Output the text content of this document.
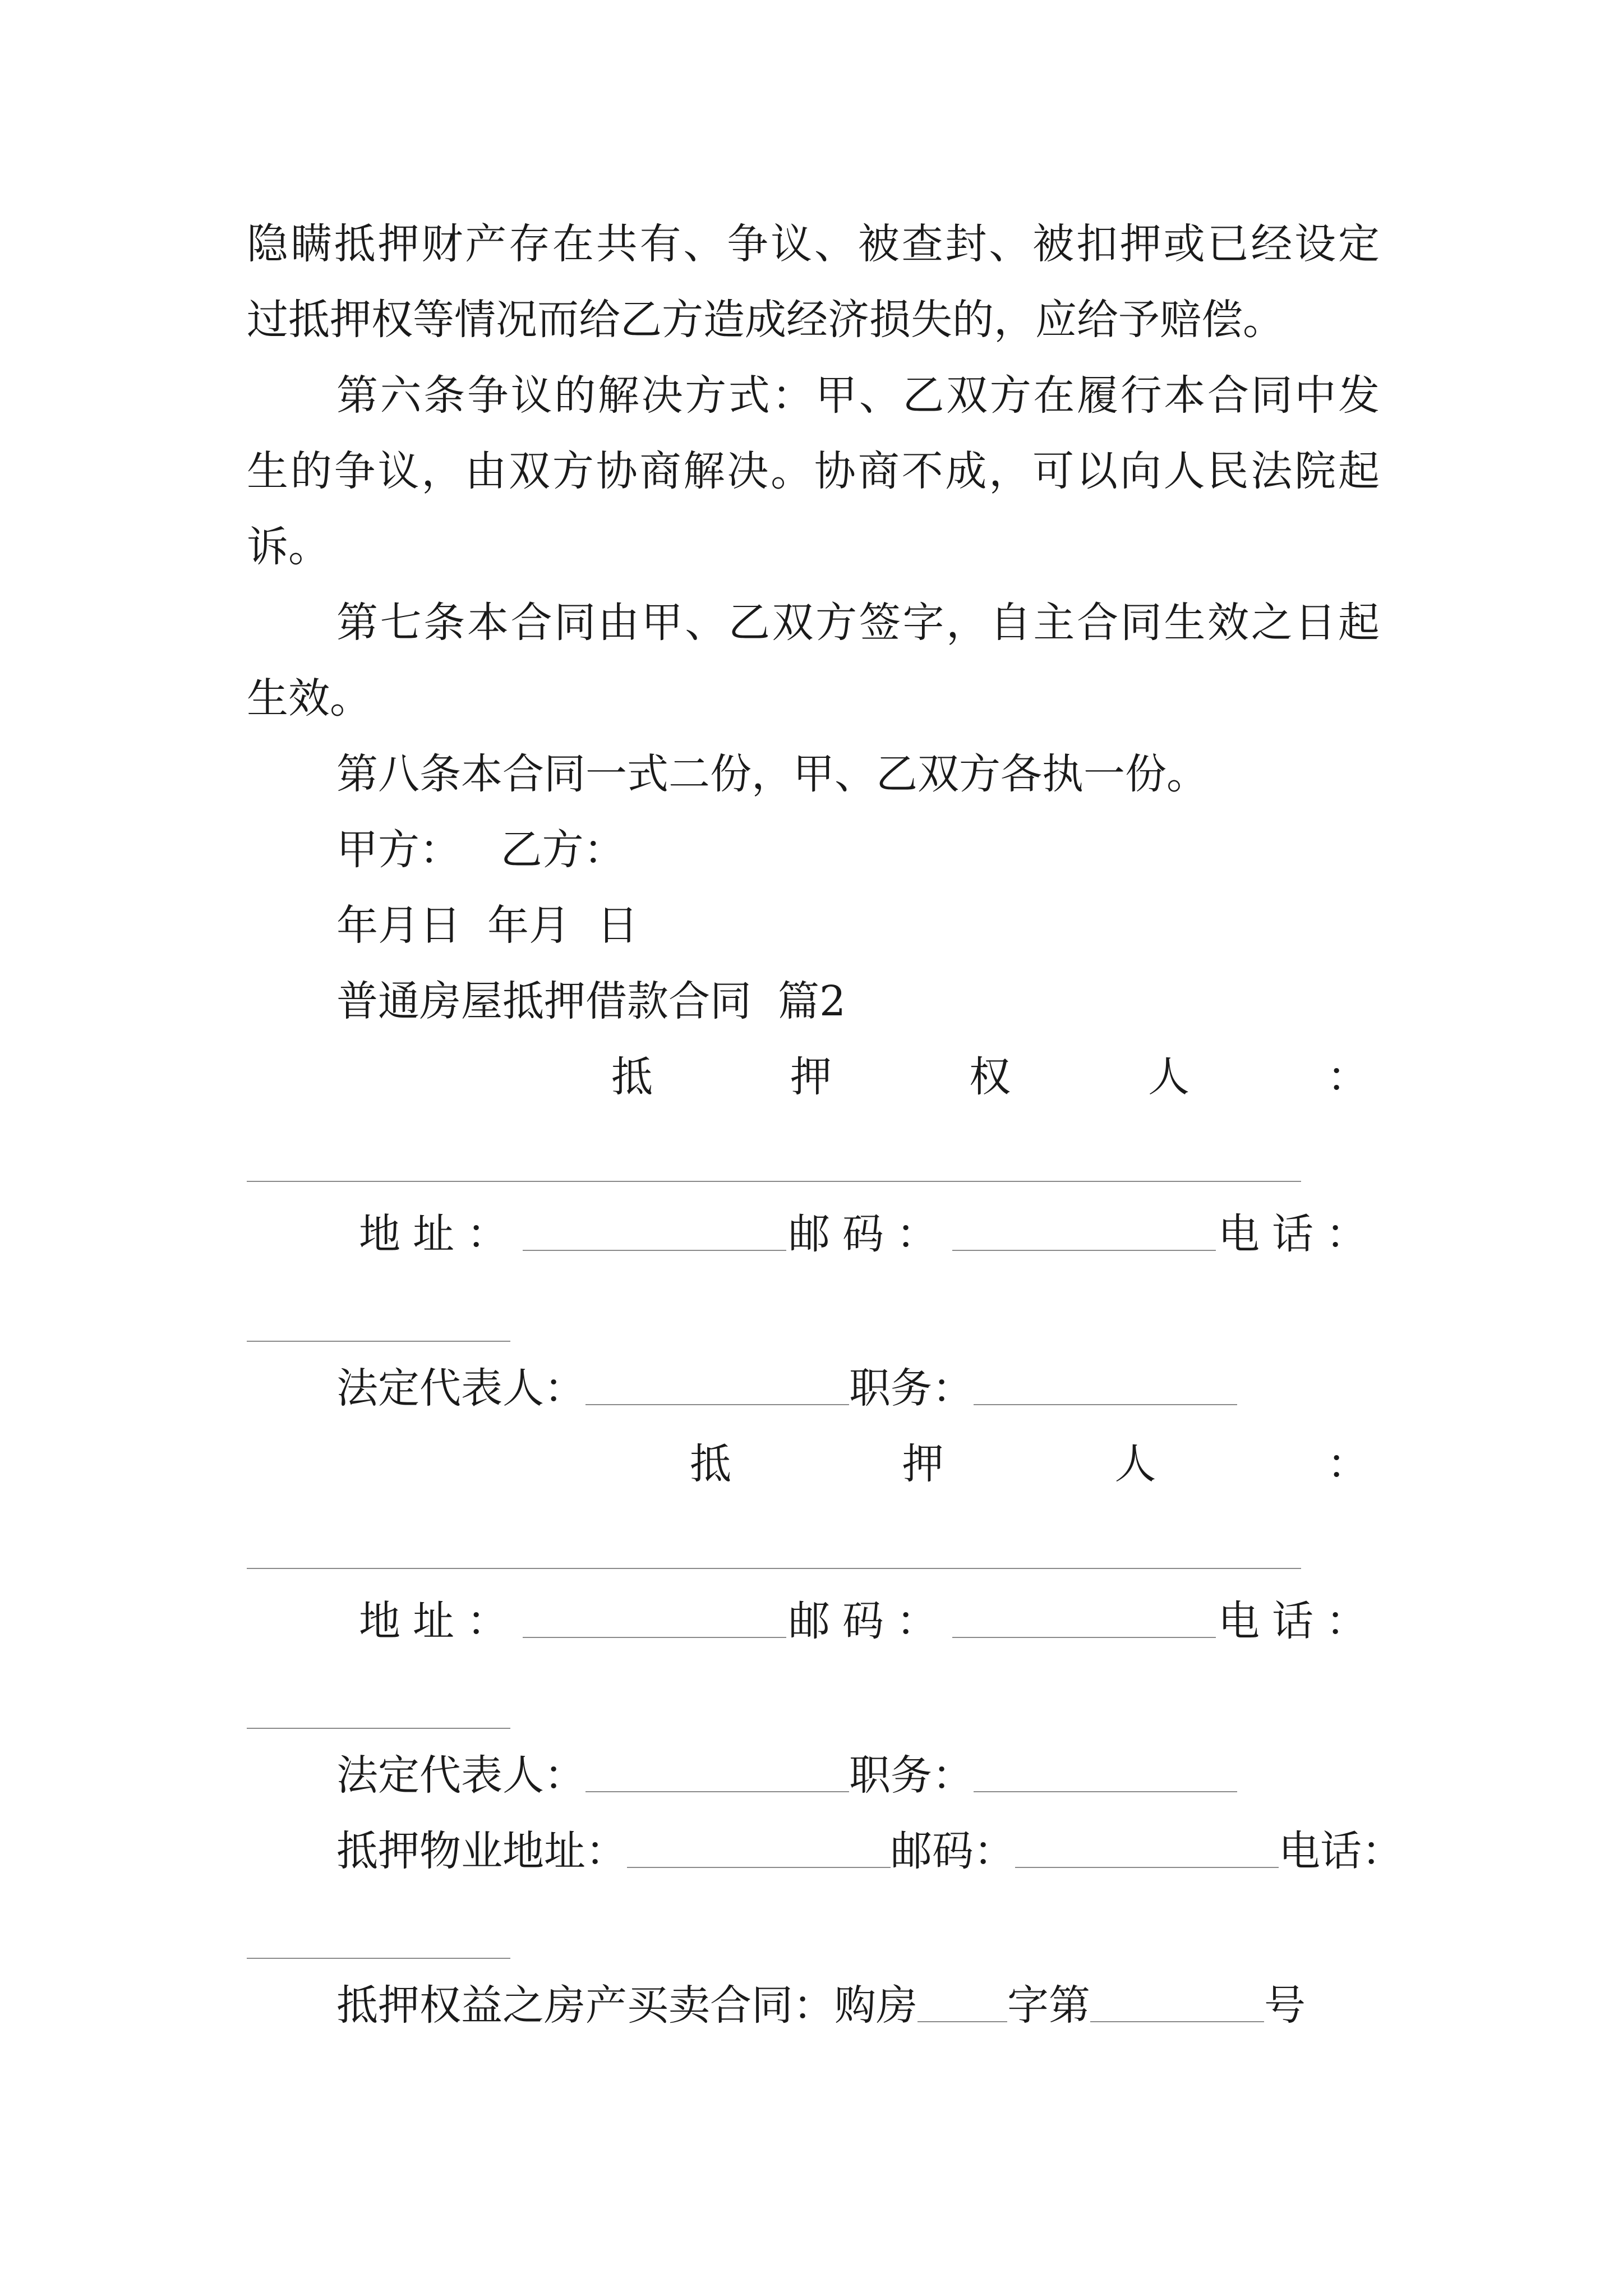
隐瞒抵押财产存在共有、争议、被查封、被扣押或已经设定

过抵押权等情况而给乙方造成经济损失的，应给予赔偿。

第六条争议的解决方式：甲、乙双方在履行本合同中发

生的争议，由双方协商解决。协商不成，可以向人民法院起

诉。

第七条本合同由甲、乙双方签字，自主合同生效之日起

生效。

第八条本合同一式二份，甲、乙双方各执一份。

甲方：   乙方：

年月日  年月  日

普通房屋抵押借款合同  篇2

抵	押	权	人	：
地址：	邮码：	电话：
法定代表人：	职务：
抵	押	人	：
地址：	邮码：	电话：
法定代表人：	职务：
抵押物业地址：	邮码：	电话：
抵押权益之房产买卖合同：购房 字第	号
